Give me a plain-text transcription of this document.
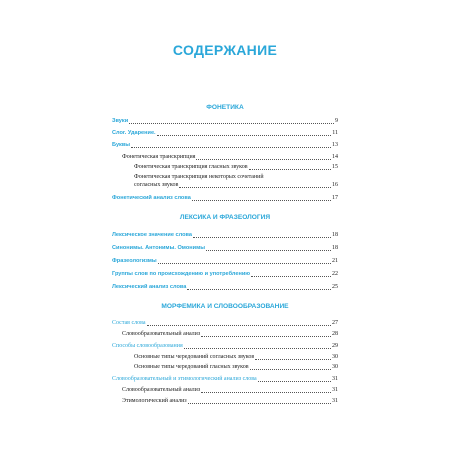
СОДЕРЖАНИЕ
ФОНЕТИКА
Звуки	9
Слог. Ударение.	11
Буквы	13
Фонетическая транскрипция	14
Фонетическая транскрипция гласных звуков	15
Фонетическая транскрипция некоторых сочетаний
согласных звуков	16
Фонетический анализ слова	17
ЛЕКСИКА И ФРАЗЕОЛОГИЯ
Лексическое значение слова	18
Синонимы. Антонимы. Омонимы	18
Фразеологизмы	21
Группы слов по происхождению и употреблению	22
Лексический анализ слова	25
МОРФЕМИКА И СЛОВООБРАЗОВАНИЕ
Состав слова	27
Словообразовательный анализ	28
Способы словообразования	29
Основные типы чередований согласных звуков	30
Основные типы чередований гласных звуков	30
Словообразовательный и этимологический анализ слова	31
Словообразовательный анализ	31
Этимологический анализ	31
